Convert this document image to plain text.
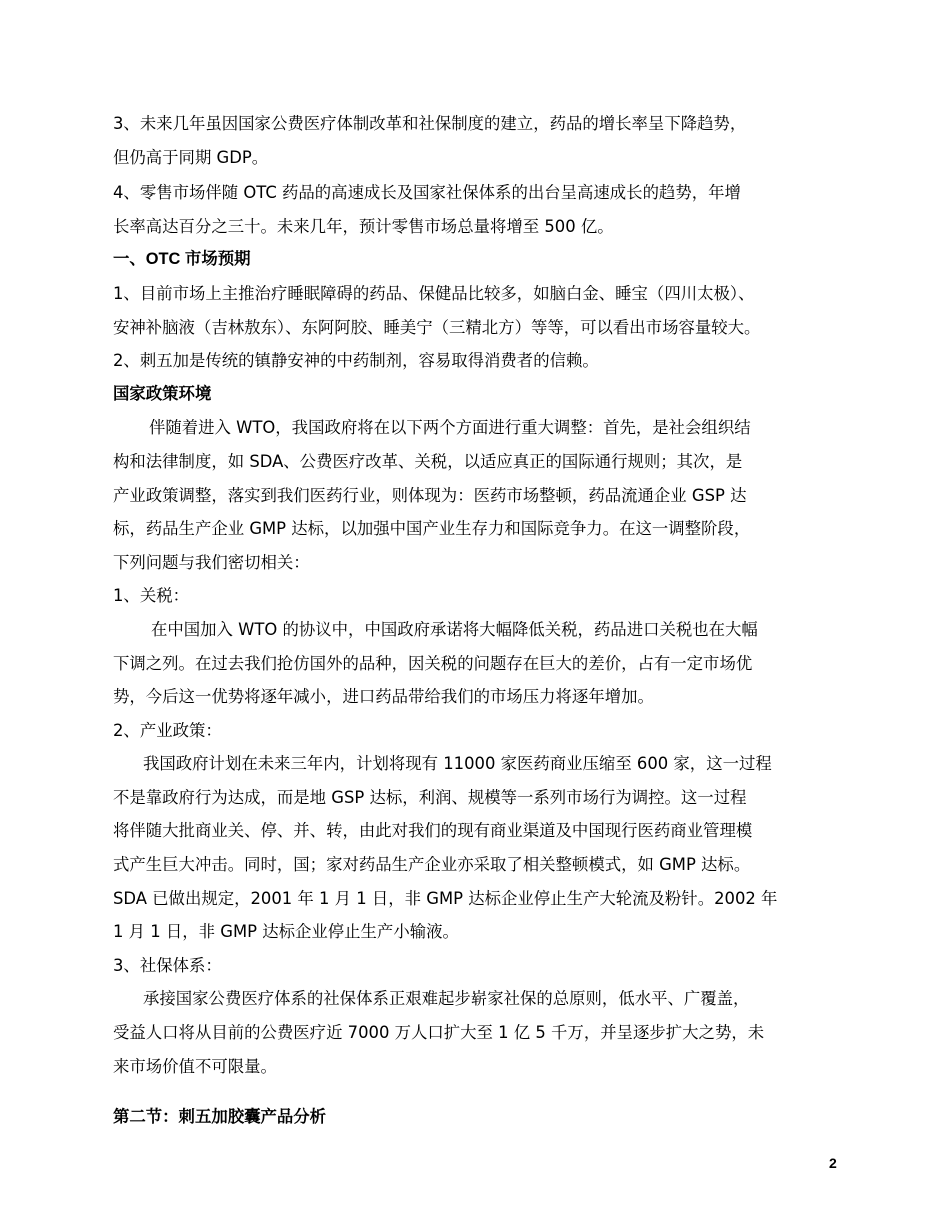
3、未来几年虽因国家公费医疗体制改革和社保制度的建立，药品的增长率呈下降趋势，

但仍高于同期 GDP。

4、零售市场伴随 OTC 药品的高速成长及国家社保体系的出台呈高速成长的趋势，年增

长率高达百分之三十。未来几年，预计零售市场总量将增至 500 亿。

一、OTC 市场预期

1、目前市场上主推治疗睡眠障碍的药品、保健品比较多，如脑白金、睡宝（四川太极）、

安神补脑液（吉林敖东）、东阿阿胶、睡美宁（三精北方）等等，可以看出市场容量较大。

2、刺五加是传统的镇静安神的中药制剂，容易取得消费者的信赖。

国家政策环境

伴随着进入 WTO，我国政府将在以下两个方面进行重大调整：首先，是社会组织结

构和法律制度，如 SDA、公费医疗改革、关税，以适应真正的国际通行规则；其次，是

产业政策调整，落实到我们医药行业，则体现为：医药市场整顿，药品流通企业 GSP 达

标，药品生产企业 GMP 达标，以加强中国产业生存力和国际竞争力。在这一调整阶段，

下列问题与我们密切相关：

1、关税：

在中国加入 WTO 的协议中，中国政府承诺将大幅降低关税，药品进口关税也在大幅

下调之列。在过去我们抢仿国外的品种，因关税的问题存在巨大的差价，占有一定市场优

势，今后这一优势将逐年减小，进口药品带给我们的市场压力将逐年增加。

2、产业政策：

我国政府计划在未来三年内，计划将现有 11000 家医药商业压缩至 600 家，这一过程

不是靠政府行为达成，而是地 GSP 达标，利润、规模等一系列市场行为调控。这一过程

将伴随大批商业关、停、并、转，由此对我们的现有商业渠道及中国现行医药商业管理模

式产生巨大冲击。同时，国；家对药品生产企业亦采取了相关整顿模式，如 GMP 达标。

SDA 已做出规定，2001 年 1 月 1 日，非 GMP 达标企业停止生产大轮流及粉针。2002 年

1 月 1 日，非 GMP 达标企业停止生产小输液。

3、社保体系：

承接国家公费医疗体系的社保体系正艰难起步崭家社保的总原则，低水平、广覆盖，

受益人口将从目前的公费医疗近 7000 万人口扩大至 1 亿 5 千万，并呈逐步扩大之势，未

来市场价值不可限量。

第二节：刺五加胶囊产品分析

2
